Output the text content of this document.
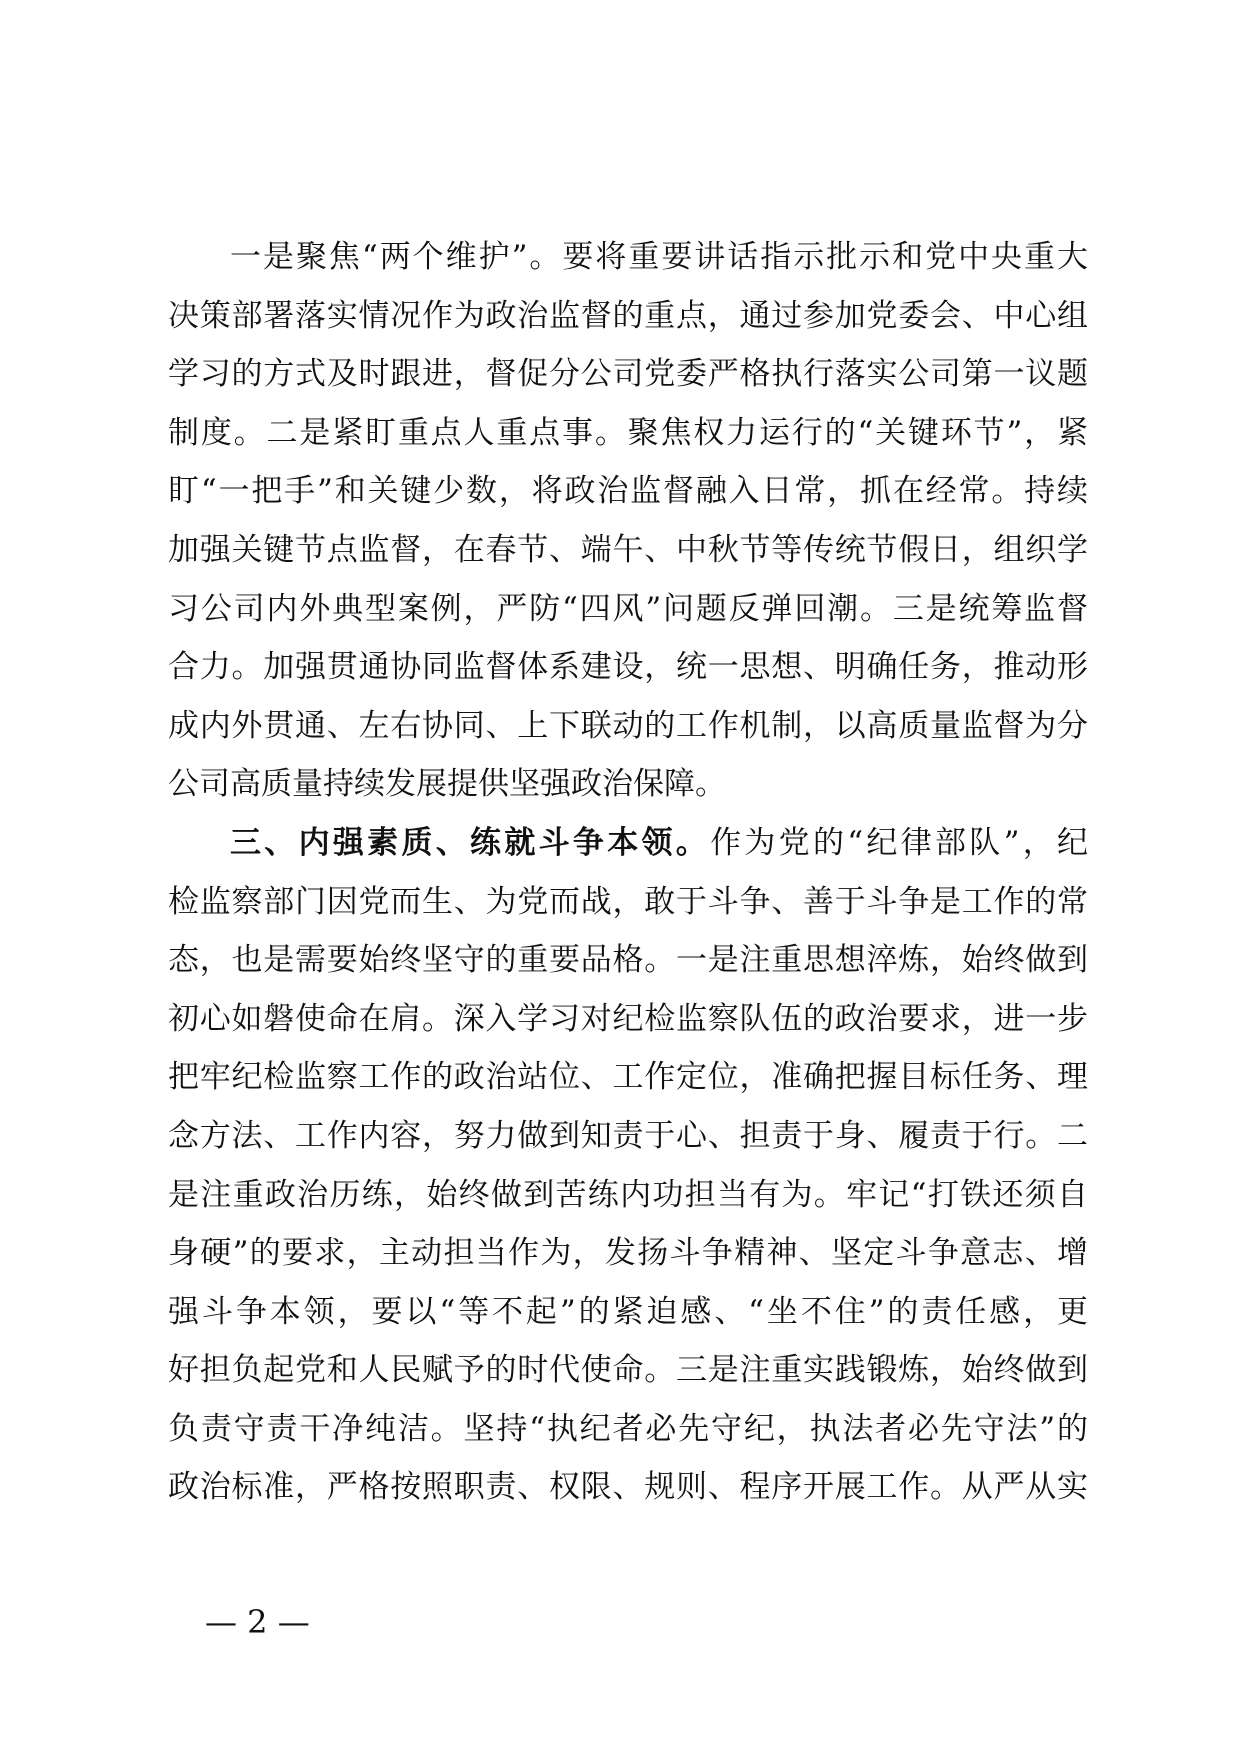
一是聚焦“两个维护”。要将重要讲话指示批示和党中央重大
决策部署落实情况作为政治监督的重点，通过参加党委会、中心组
学习的方式及时跟进，督促分公司党委严格执行落实公司第一议题
制度。二是紧盯重点人重点事。聚焦权力运行的“关键环节”，紧
盯“一把手”和关键少数，将政治监督融入日常，抓在经常。持续
加强关键节点监督，在春节、端午、中秋节等传统节假日，组织学
习公司内外典型案例，严防“四风”问题反弹回潮。三是统筹监督
合力。加强贯通协同监督体系建设，统一思想、明确任务，推动形
成内外贯通、左右协同、上下联动的工作机制，以高质量监督为分
公司高质量持续发展提供坚强政治保障。
三、内强素质、练就斗争本领。作为党的“纪律部队”，纪
检监察部门因党而生、为党而战，敢于斗争、善于斗争是工作的常
态，也是需要始终坚守的重要品格。一是注重思想淬炼，始终做到
初心如磐使命在肩。深入学习对纪检监察队伍的政治要求，进一步
把牢纪检监察工作的政治站位、工作定位，准确把握目标任务、理
念方法、工作内容，努力做到知责于心、担责于身、履责于行。二
是注重政治历练，始终做到苦练内功担当有为。牢记“打铁还须自
身硬”的要求，主动担当作为，发扬斗争精神、坚定斗争意志、增
强斗争本领，要以“等不起”的紧迫感、“坐不住”的责任感，更
好担负起党和人民赋予的时代使命。三是注重实践锻炼，始终做到
负责守责干净纯洁。坚持“执纪者必先守纪，执法者必先守法”的
政治标准，严格按照职责、权限、规则、程序开展工作。从严从实
— 2 —
